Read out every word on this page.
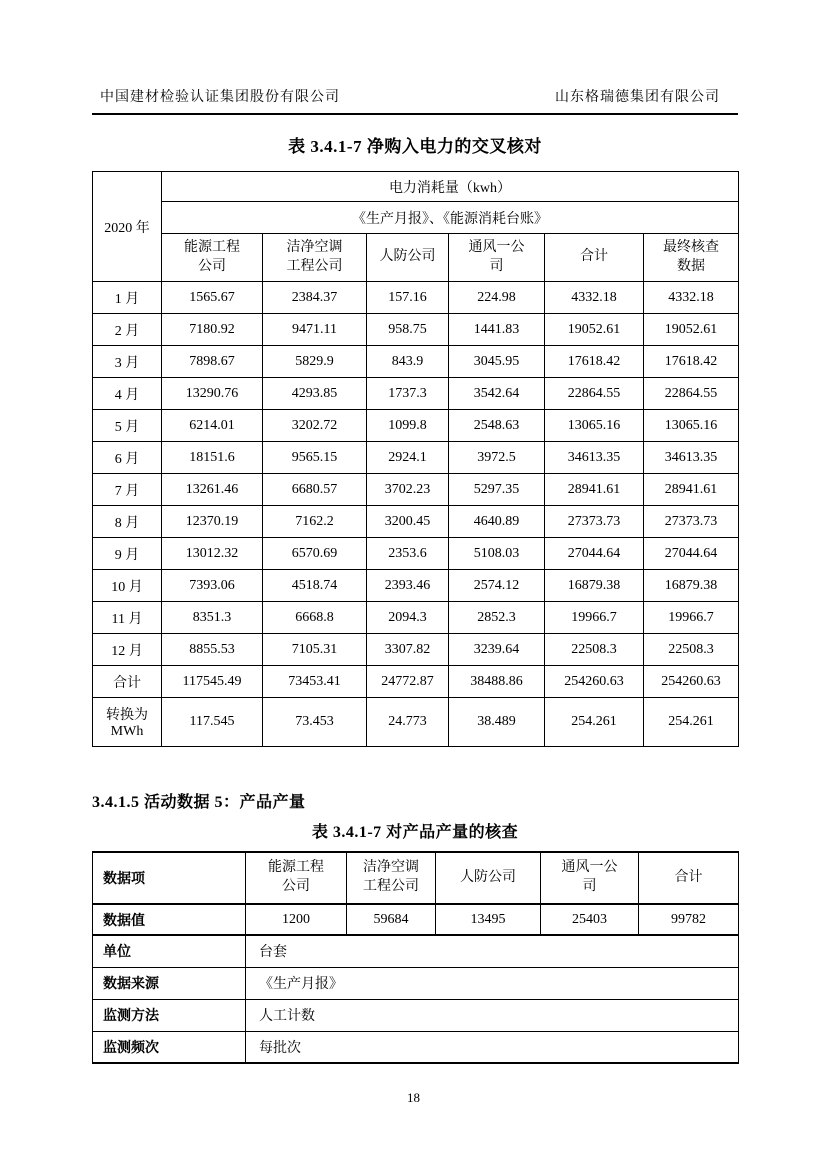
中国建材检验认证集团股份有限公司	山东格瑞德集团有限公司
表 3.4.1-7 净购入电力的交叉核对
2020 年	电力消耗量（kwh）					
	《生产月报》、《能源消耗台账》					
	能源工程公司	洁净空调工程公司	人防公司	通风一公司	合计	最终核查数据
1 月	1565.67	2384.37	157.16	224.98	4332.18	4332.18
2 月	7180.92	9471.11	958.75	1441.83	19052.61	19052.61
3 月	7898.67	5829.9	843.9	3045.95	17618.42	17618.42
4 月	13290.76	4293.85	1737.3	3542.64	22864.55	22864.55
5 月	6214.01	3202.72	1099.8	2548.63	13065.16	13065.16
6 月	18151.6	9565.15	2924.1	3972.5	34613.35	34613.35
7 月	13261.46	6680.57	3702.23	5297.35	28941.61	28941.61
8 月	12370.19	7162.2	3200.45	4640.89	27373.73	27373.73
9 月	13012.32	6570.69	2353.6	5108.03	27044.64	27044.64
10 月	7393.06	4518.74	2393.46	2574.12	16879.38	16879.38
11 月	8351.3	6668.8	2094.3	2852.3	19966.7	19966.7
12 月	8855.53	7105.31	3307.82	3239.64	22508.3	22508.3
合计	117545.49	73453.41	24772.87	38488.86	254260.63	254260.63
转换为MWh	117.545	73.453	24.773	38.489	254.261	254.261
3.4.1.5 活动数据 5：产品产量
表 3.4.1-7 对产品产量的核查
数据项	能源工程公司	洁净空调工程公司	人防公司	通风一公司	合计
数据值	1200	59684	13495	25403	99782
单位	台套				
数据来源	《生产月报》				
监测方法	人工计数				
监测频次	每批次				
18
